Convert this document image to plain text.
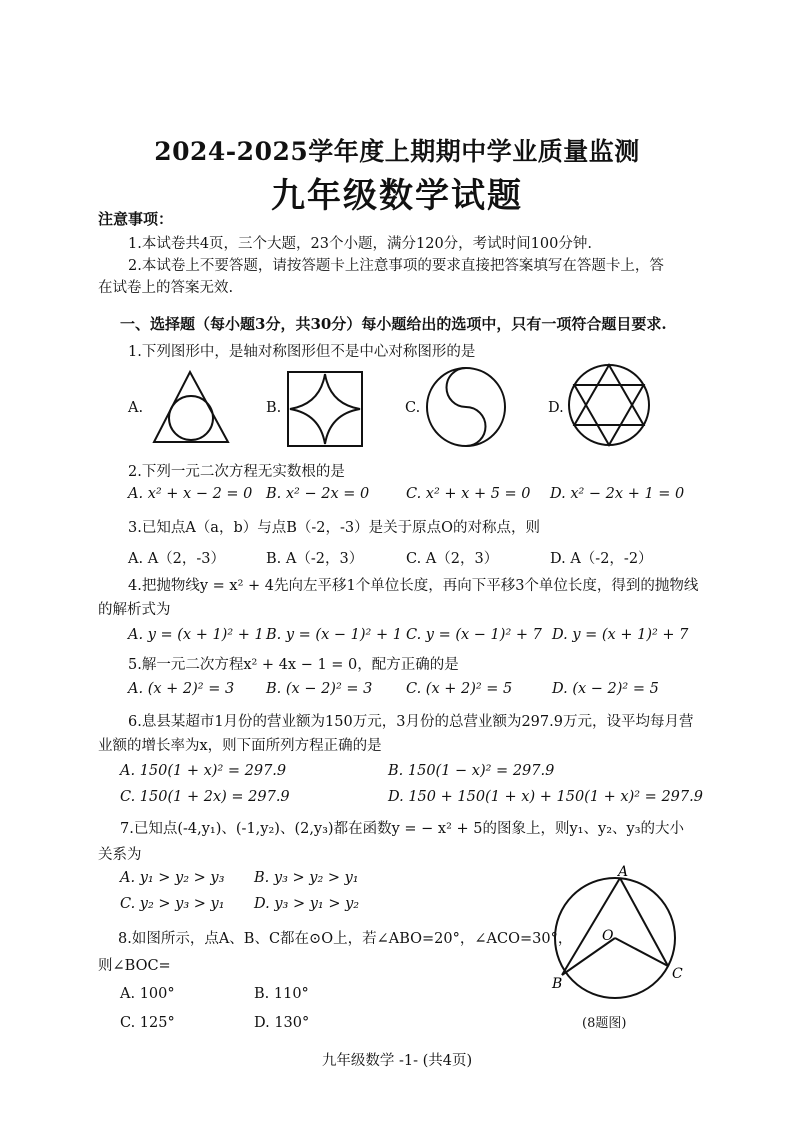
2024-2025学年度上期期中学业质量监测
九年级数学试题
注意事项：
1.本试卷共4页，三个大题，23个小题，满分120分，考试时间100分钟.
2.本试卷上不要答题，请按答题卡上注意事项的要求直接把答案填写在答题卡上，答
在试卷上的答案无效.
一、选择题（每小题3分，共30分）每小题给出的选项中，只有一项符合题目要求.
1.下列图形中，是轴对称图形但不是中心对称图形的是
A.	B.	C.	D.
2.下列一元二次方程无实数根的是
A. x² + x − 2 = 0 B. x² − 2x = 0	C. x² + x + 5 = 0 D. x² − 2x + 1 = 0
3.已知点A（a，b）与点B（-2，-3）是关于原点O的对称点，则
A. A（2，-3）	B. A（-2，3）	C. A（2，3）	D. A（-2，-2）
4.把抛物线y = x² + 4先向左平移1个单位长度，再向下平移3个单位长度，得到的抛物线
的解析式为
A. y = (x + 1)² + 1 B. y = (x − 1)² + 1 C. y = (x − 1)² + 7 D. y = (x + 1)² + 7
5.解一元二次方程x² + 4x − 1 = 0，配方正确的是
A. (x + 2)² = 3 B. (x − 2)² = 3 C. (x + 2)² = 5	D. (x − 2)² = 5
6.息县某超市1月份的营业额为150万元，3月份的总营业额为297.9万元，设平均每月营
业额的增长率为x，则下面所列方程正确的是
A. 150(1 + x)² = 297.9	B. 150(1 − x)² = 297.9
C. 150(1 + 2x) = 297.9	D. 150 + 150(1 + x) + 150(1 + x)² = 297.9
7.已知点(-4,y₁)、(-1,y₂)、(2,y₃)都在函数y = − x² + 5的图象上，则y₁、y₂、y₃的大小
关系为
A. y₁ > y₂ > y₃ B. y₃ > y₂ > y₁
C. y₂ > y₃ > y₁ D. y₃ > y₁ > y₂
8.如图所示，点A、B、C都在⊙O上，若∠ABO=20°，∠ACO=30°，
则∠BOC=
A. 100°	B. 110°
C. 125°	D. 130°
A
B
C
O
(8题图)
九年级数学 -1- (共4页)
